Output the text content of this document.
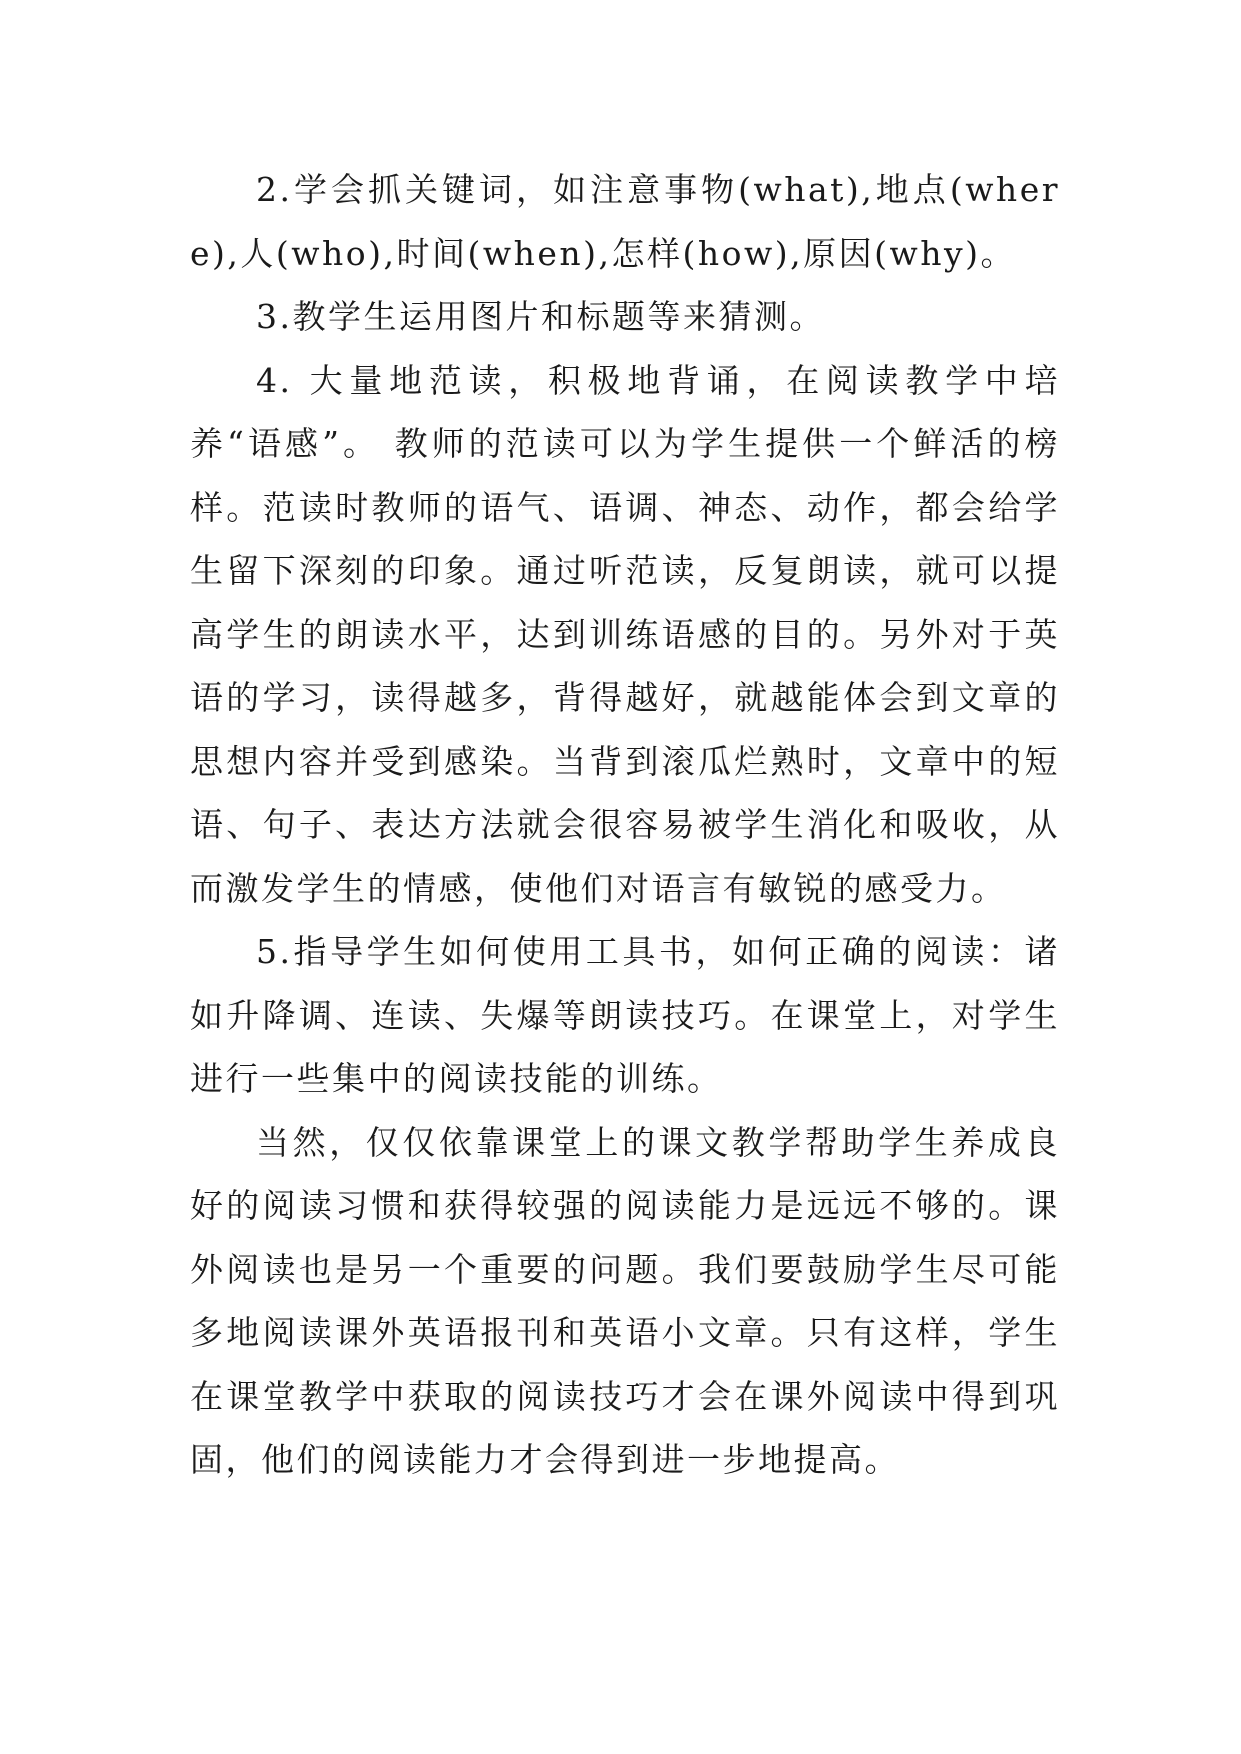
2.学会抓关键词，如注意事物(what),地点(where),人(who),时间(when),怎样(how),原因(why)。

3.教学生运用图片和标题等来猜测。

4. 大量地范读，积极地背诵，在阅读教学中培养“语感”。 教师的范读可以为学生提供一个鲜活的榜样。范读时教师的语气、语调、神态、动作，都会给学生留下深刻的印象。通过听范读，反复朗读，就可以提高学生的朗读水平，达到训练语感的目的。另外对于英语的学习，读得越多，背得越好，就越能体会到文章的思想内容并受到感染。当背到滚瓜烂熟时，文章中的短语、句子、表达方法就会很容易被学生消化和吸收，从而激发学生的情感，使他们对语言有敏锐的感受力。

5.指导学生如何使用工具书，如何正确的阅读：诸如升降调、连读、失爆等朗读技巧。在课堂上，对学生进行一些集中的阅读技能的训练。

当然，仅仅依靠课堂上的课文教学帮助学生养成良好的阅读习惯和获得较强的阅读能力是远远不够的。课外阅读也是另一个重要的问题。我们要鼓励学生尽可能多地阅读课外英语报刊和英语小文章。只有这样，学生在课堂教学中获取的阅读技巧才会在课外阅读中得到巩固，他们的阅读能力才会得到进一步地提高。
